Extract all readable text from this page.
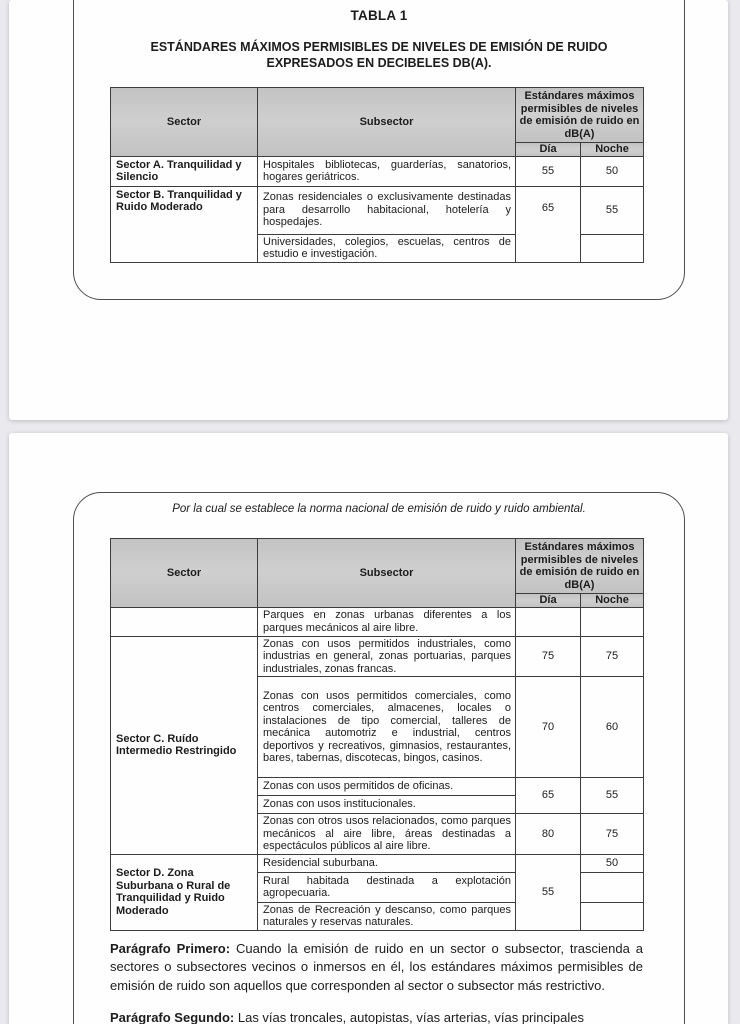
TABLA 1
ESTÁNDARES MÁXIMOS PERMISIBLES DE NIVELES DE EMISIÓN DE RUIDO EXPRESADOS EN DECIBELES DB(A).
Sector	Subsector	Estándares máximos permisibles de niveles de emisión de ruido en dB(A)	
		Día	Noche
Sector A. Tranquilidad y Silencio	Hospitales bibliotecas, guarderías, sanatorios, hogares geriátricos.	55	50
Sector B. Tranquilidad y Ruido Moderado	Zonas residenciales o exclusivamente destinadas para desarrollo habitacional, hotelería y hospedajes.	65	55
	Universidades, colegios, escuelas, centros de estudio e investigación.		
Por la cual se establece la norma nacional de emisión de ruido y ruido ambiental.
Sector	Subsector	Estándares máximos permisibles de niveles de emisión de ruido en dB(A)	
		Día	Noche
	Parques en zonas urbanas diferentes a los parques mecánicos al aire libre.		
Sector C. Ruído Intermedio Restringido	Zonas con usos permitidos industriales, como industrias en general, zonas portuarias, parques industriales, zonas francas.	75	75
	Zonas con usos permitidos comerciales, como centros comerciales, almacenes, locales o instalaciones de tipo comercial, talleres de mecánica automotriz e industrial, centros deportivos y recreativos, gimnasios, restaurantes, bares, tabernas, discotecas, bingos, casinos.	70	60
	Zonas con usos permitidos de oficinas.	65	55
	Zonas con usos institucionales.		
	Zonas con otros usos relacionados, como parques mecánicos al aire libre, áreas destinadas a espectáculos públicos al aire libre.	80	75
Sector D. Zona Suburbana o Rural de Tranquilidad y Ruido Moderado	Residencial suburbana.	55	50
	Rural habitada destinada a explotación agropecuaria.		
	Zonas de Recreación y descanso, como parques naturales y reservas naturales.		
Parágrafo Primero: Cuando la emisión de ruido en un sector o subsector, trascienda a sectores o subsectores vecinos o inmersos en él, los estándares máximos permisibles de emisión de ruido son aquellos que corresponden al sector o subsector más restrictivo.
Parágrafo Segundo: Las vías troncales, autopistas, vías arterias, vías principales
